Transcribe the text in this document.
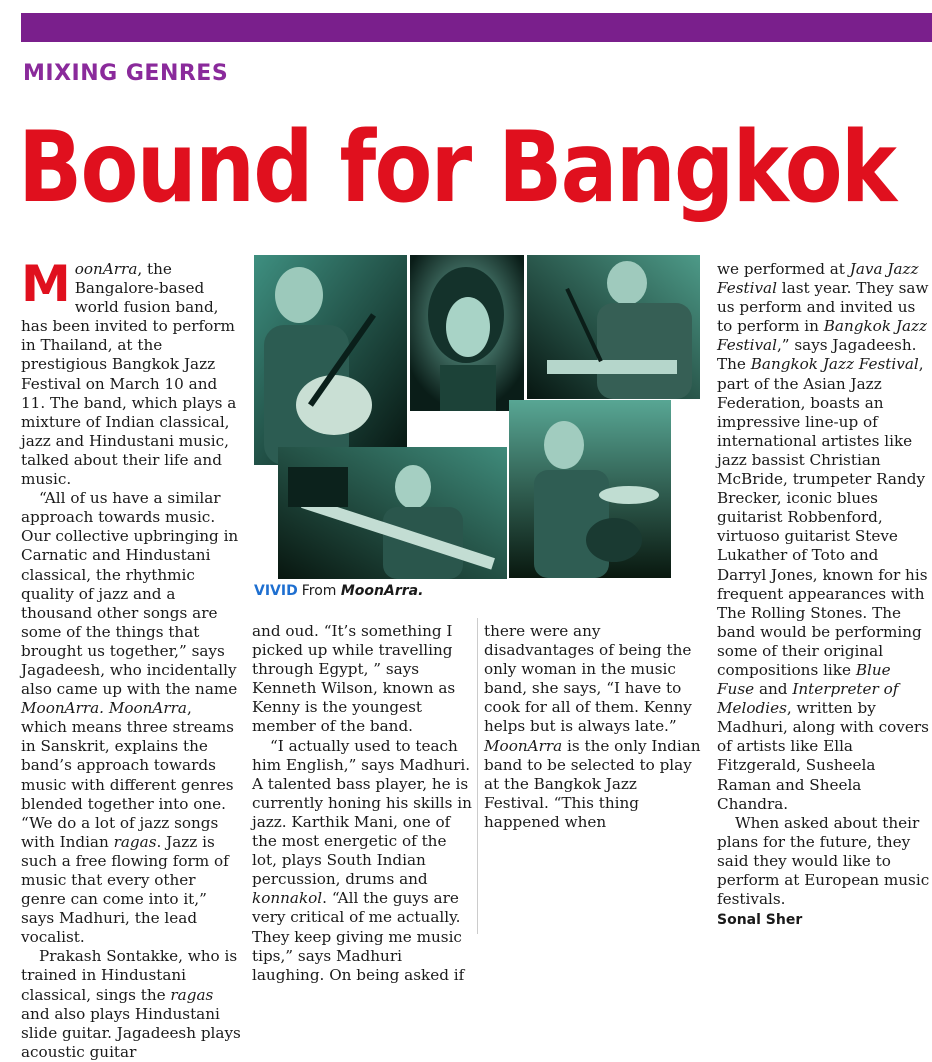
MIXING GENRES
Bound for Bangkok

MoonArra, the Bangalore-based world fusion band, has been invited to perform in Thailand, at the prestigious Bangkok Jazz Festival on March 10 and 11. The band, which plays a mixture of Indian classical, jazz and Hindustani music, talked about their life and music.

“All of us have a similar approach towards music. Our collective upbringing in Carnatic and Hindustani classical, the rhythmic quality of jazz and a thousand other songs are some of the things that brought us together,” says Jagadeesh, who incidentally also came up with the name MoonArra. MoonArra, which means three streams in Sanskrit, explains the band’s approach towards music with different genres blended together into one. “We do a lot of jazz songs with Indian ragas. Jazz is such a free flowing form of music that every other genre can come into it,” says Madhuri, the lead vocalist.

Prakash Sontakke, who is trained in Hindustani classical, sings the ragas and also plays Hindustani slide guitar. Jagadeesh plays acoustic guitar

VIVID From MoonArra.

and oud. “It’s something I picked up while travelling through Egypt, ” says Kenneth Wilson, known as Kenny is the youngest member of the band.

“I actually used to teach him English,” says Madhuri. A talented bass player, he is currently honing his skills in jazz. Karthik Mani, one of the most energetic of the lot, plays South Indian percussion, drums and konnakol. “All the guys are very critical of me actually. They keep giving me music tips,” says Madhuri laughing. On being asked if

there were any disadvantages of being the only woman in the music band, she says, “I have to cook for all of them. Kenny helps but is always late.” MoonArra is the only Indian band to be selected to play at the Bangkok Jazz Festival. “This thing happened when

we performed at Java Jazz Festival last year. They saw us perform and invited us to perform in Bangkok Jazz Festival,” says Jagadeesh. The Bangkok Jazz Festival, part of the Asian Jazz Federation, boasts an impressive line-up of international artistes like jazz bassist Christian McBride, trumpeter Randy Brecker, iconic blues guitarist Robbenford, virtuoso guitarist Steve Lukather of Toto and Darryl Jones, known for his frequent appearances with The Rolling Stones. The band would be performing some of their original compositions like Blue Fuse and Interpreter of Melodies, written by Madhuri, along with covers of artists like Ella Fitzgerald, Susheela Raman and Sheela Chandra.

When asked about their plans for the future, they said they would like to perform at European music festivals.

Sonal Sher
